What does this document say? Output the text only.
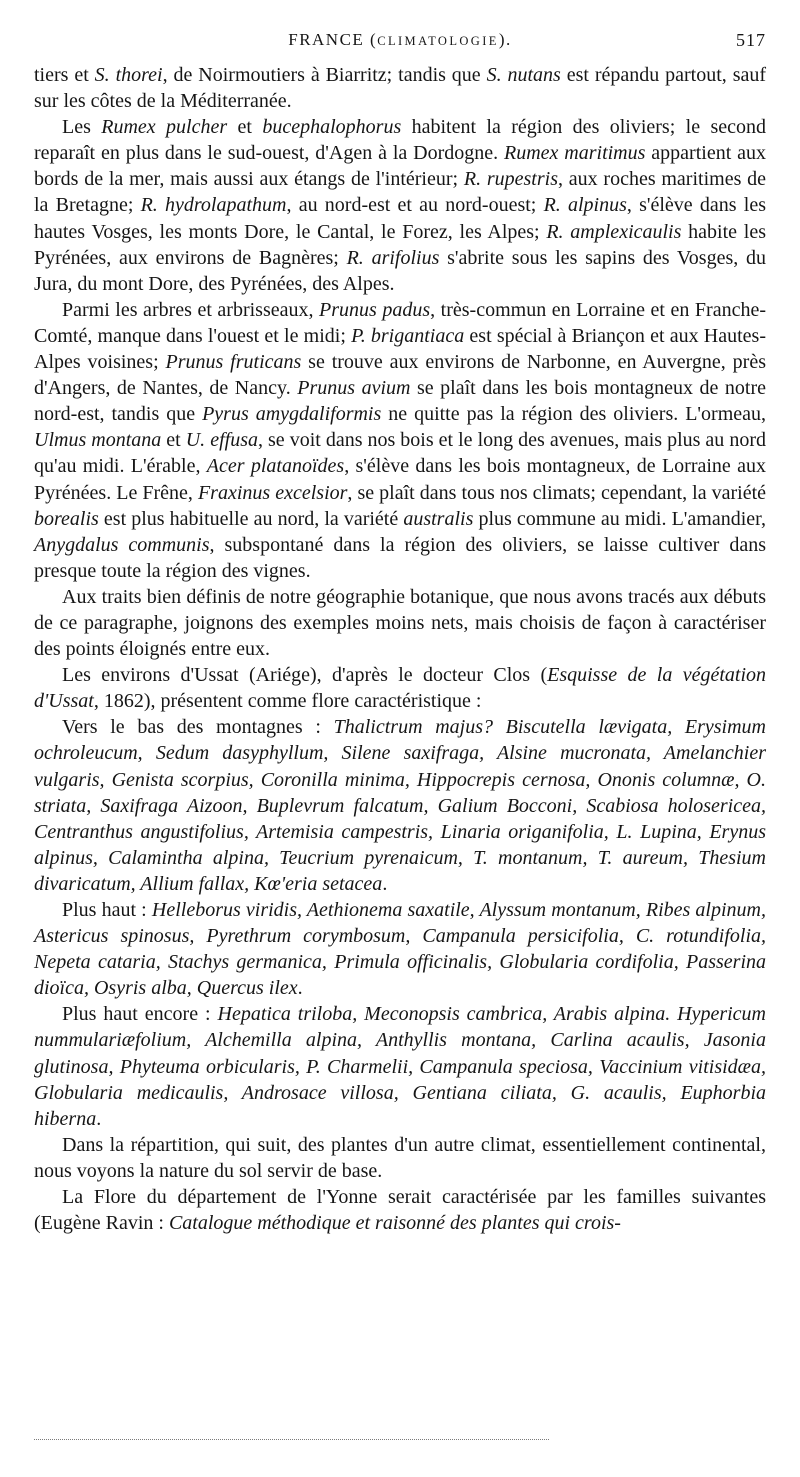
FRANCE (CLIMATOLOGIE).	517

tiers et S. thorei, de Noirmoutiers à Biarritz; tandis que S. nutans est répandu partout, sauf sur les côtes de la Méditerranée.

Les Rumex pulcher et bucephalophorus habitent la région des oliviers; le second reparaît en plus dans le sud-ouest, d'Agen à la Dordogne. Rumex maritimus appartient aux bords de la mer, mais aussi aux étangs de l'intérieur; R. rupestris, aux roches maritimes de la Bretagne; R. hydrolapathum, au nord-est et au nord-ouest; R. alpinus, s'élève dans les hautes Vosges, les monts Dore, le Cantal, le Forez, les Alpes; R. amplexicaulis habite les Pyrénées, aux environs de Bagnères; R. arifolius s'abrite sous les sapins des Vosges, du Jura, du mont Dore, des Pyrénées, des Alpes.

Parmi les arbres et arbrisseaux, Prunus padus, très-commun en Lorraine et en Franche-Comté, manque dans l'ouest et le midi; P. brigantiaca est spécial à Briançon et aux Hautes-Alpes voisines; Prunus fruticans se trouve aux environs de Narbonne, en Auvergne, près d'Angers, de Nantes, de Nancy. Prunus avium se plaît dans les bois montagneux de notre nord-est, tandis que Pyrus amygdaliformis ne quitte pas la région des oliviers. L'ormeau, Ulmus montana et U. effusa, se voit dans nos bois et le long des avenues, mais plus au nord qu'au midi. L'érable, Acer platanoïdes, s'élève dans les bois montagneux, de Lorraine aux Pyrénées. Le Frêne, Fraxinus excelsior, se plaît dans tous nos climats; cependant, la variété borealis est plus habituelle au nord, la variété australis plus commune au midi. L'amandier, Anygdalus communis, subspontané dans la région des oliviers, se laisse cultiver dans presque toute la région des vignes.

Aux traits bien définis de notre géographie botanique, que nous avons tracés aux débuts de ce paragraphe, joignons des exemples moins nets, mais choisis de façon à caractériser des points éloignés entre eux.

Les environs d'Ussat (Ariége), d'après le docteur Clos (Esquisse de la végétation d'Ussat, 1862), présentent comme flore caractéristique :

Vers le bas des montagnes : Thalictrum majus? Biscutella lævigata, Erysimum ochroleucum, Sedum dasyphyllum, Silene saxifraga, Alsine mucronata, Amelanchier vulgaris, Genista scorpius, Coronilla minima, Hippocrepis cernosa, Ononis columnæ, O. striata, Saxifraga Aizoon, Buplevrum falcatum, Galium Bocconi, Scabiosa holosericea, Centranthus angustifolius, Artemisia campestris, Linaria origanifolia, L. Lupina, Erynus alpinus, Calamintha alpina, Teucrium pyrenaicum, T. montanum, T. aureum, Thesium divaricatum, Allium fallax, Kœ'eria setacea.

Plus haut : Helleborus viridis, Aethionema saxatile, Alyssum montanum, Ribes alpinum, Astericus spinosus, Pyrethrum corymbosum, Campanula persicifolia, C. rotundifolia, Nepeta cataria, Stachys germanica, Primula officinalis, Globularia cordifolia, Passerina dioïca, Osyris alba, Quercus ilex.

Plus haut encore : Hepatica triloba, Meconopsis cambrica, Arabis alpina. Hypericum nummulariæfolium, Alchemilla alpina, Anthyllis montana, Carlina acaulis, Jasonia glutinosa, Phyteuma orbicularis, P. Charmelii, Campanula speciosa, Vaccinium vitisidæa, Globularia medicaulis, Androsace villosa, Gentiana ciliata, G. acaulis, Euphorbia hiberna.

Dans la répartition, qui suit, des plantes d'un autre climat, essentiellement continental, nous voyons la nature du sol servir de base.

La Flore du département de l'Yonne serait caractérisée par les familles suivantes (Eugène Ravin : Catalogue méthodique et raisonné des plantes qui crois-
